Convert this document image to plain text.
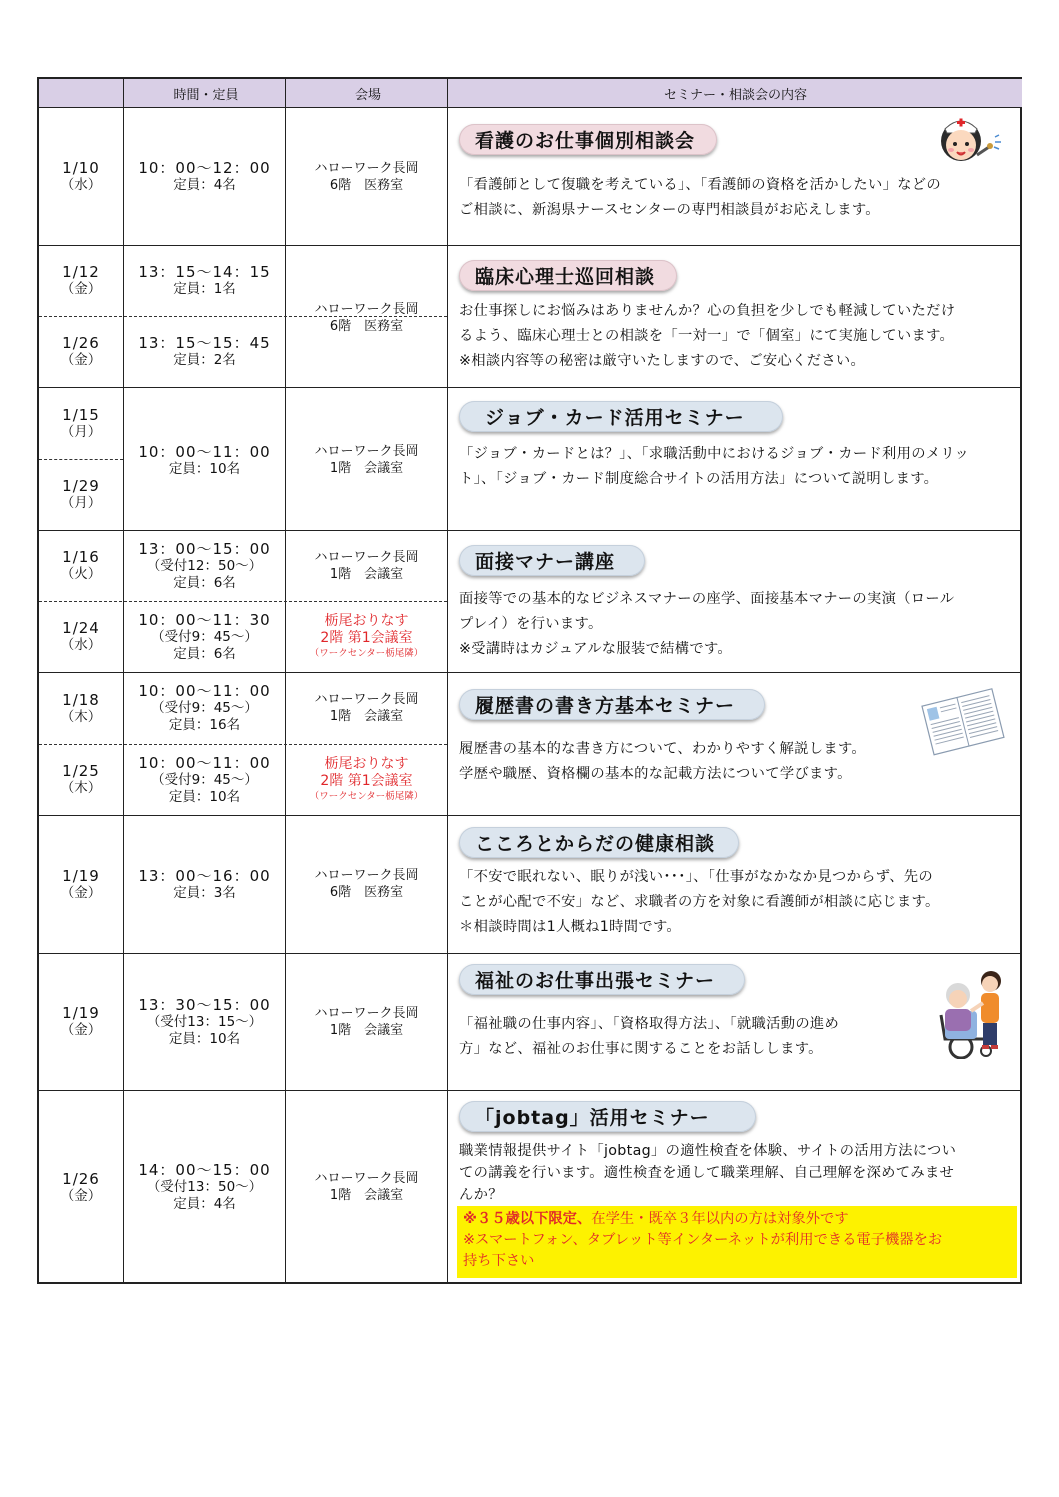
時間・定員	会場	セミナー・相談会の内容
1/10
（水）
10：00〜12：00
定員：4名
ハローワーク長岡
6階　医務室
看護のお仕事個別相談会
「看護師として復職を考えている」、「看護師の資格を活かしたい」などの
ご相談に、新潟県ナースセンターの専門相談員がお応えします。
1/12
（金）
1/26
（金）
13：15〜14：15
定員：1名
13：15〜15：45
定員：2名
ハローワーク長岡
6階　医務室
臨床心理士巡回相談
お仕事探しにお悩みはありませんか？心の負担を少しでも軽減していただけ
るよう、臨床心理士との相談を「一対一」で「個室」にて実施しています。
※相談内容等の秘密は厳守いたしますので、ご安心ください。
1/15
（月）
1/29
（月）
10：00〜11：00
定員：10名
ハローワーク長岡
1階　会議室
ジョブ・カード活用セミナー
「ジョブ・カードとは？」、「求職活動中におけるジョブ・カード利用のメリッ
ト」、「ジョブ・カード制度総合サイトの活用方法」について説明します。
1/16
（火）
1/24
（水）
13：00〜15：00
（受付12：50〜）
定員：6名
10：00〜11：30
（受付9：45〜）
定員：6名
ハローワーク長岡
1階　会議室
栃尾おりなす
2階 第1会議室
（ワークセンター栃尾隣）
面接マナー講座
面接等での基本的なビジネスマナーの座学、面接基本マナーの実演（ロール
プレイ）を行います。
※受講時はカジュアルな服装で結構です。
1/18
（木）
1/25
（木）
10：00〜11：00
（受付9：45〜）
定員：16名
10：00〜11：00
（受付9：45〜）
定員：10名
ハローワーク長岡
1階　会議室
栃尾おりなす
2階 第1会議室
（ワークセンター栃尾隣）
履歴書の書き方基本セミナー
履歴書の基本的な書き方について、わかりやすく解説します。
学歴や職歴、資格欄の基本的な記載方法について学びます。
1/19
（金）
13：00〜16：00
定員：3名
ハローワーク長岡
6階　医務室
こころとからだの健康相談
「不安で眠れない、眠りが浅い･･･」、「仕事がなかなか見つからず、先の
ことが心配で不安」など、求職者の方を対象に看護師が相談に応じます。
＊相談時間は1人概ね1時間です。
1/19
（金）
13：30〜15：00
（受付13：15〜）
定員：10名
ハローワーク長岡
1階　会議室
福祉のお仕事出張セミナー
「福祉職の仕事内容」、「資格取得方法」、「就職活動の進め
方」など、福祉のお仕事に関することをお話しします。
1/26
（金）
14：00〜15：00
（受付13：50〜）
定員：4名
ハローワーク長岡
1階　会議室
「jobtag」活用セミナー
職業情報提供サイト「jobtag」の適性検査を体験、サイトの活用方法につい
ての講義を行います。適性検査を通して職業理解、自己理解を深めてみませ
んか？
※３５歳以下限定、在学生・既卒３年以内の方は対象外です
※スマートフォン、タブレット等インターネットが利用できる電子機器をお
持ち下さい
